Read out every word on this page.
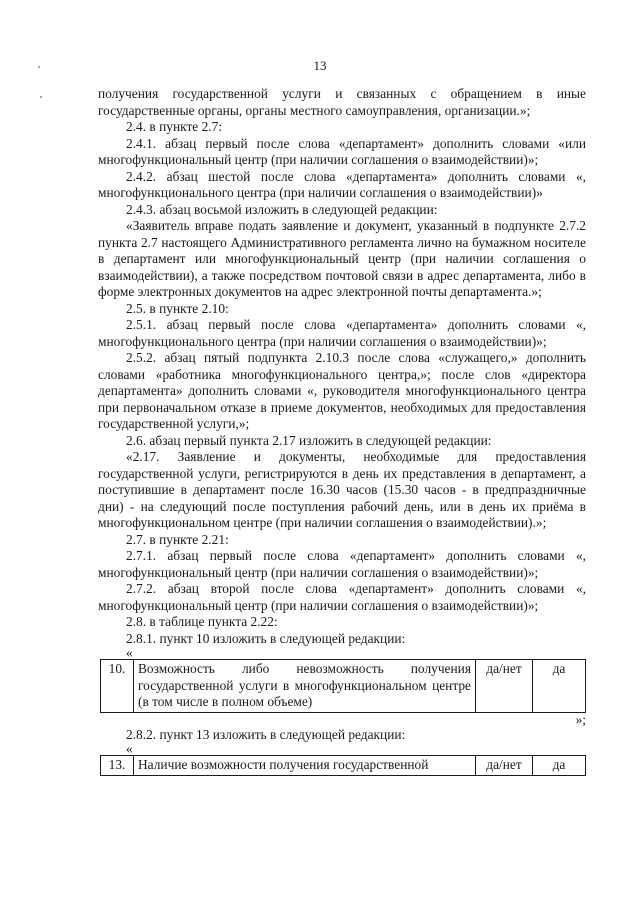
13

получения государственной услуги и связанных с обращением в иные государственные органы, органы местного самоуправления, организации.»;

2.4. в пункте 2.7:

2.4.1. абзац первый после слова «департамент» дополнить словами «или многофункциональный центр (при наличии соглашения о взаимодействии)»;

2.4.2. абзац шестой после слова «департамента» дополнить словами «, многофункционального центра (при наличии соглашения о взаимодействии)»

2.4.3. абзац восьмой изложить в следующей редакции:

«Заявитель вправе подать заявление и документ, указанный в подпункте 2.7.2 пункта 2.7 настоящего Административного регламента лично на бумажном носителе в департамент или многофункциональный центр (при наличии соглашения о взаимодействии), а также посредством почтовой связи в адрес департамента, либо в форме электронных документов на адрес электронной почты департамента.»;

2.5. в пункте 2.10:

2.5.1. абзац первый после слова «департамента» дополнить словами «, многофункционального центра (при наличии соглашения о взаимодействии)»;

2.5.2. абзац пятый подпункта 2.10.3 после слова «служащего,» дополнить словами «работника многофункционального центра,»; после слов «директора департамента» дополнить словами «, руководителя многофункционального центра при первоначальном отказе в приеме документов, необходимых для предоставления государственной услуги,»;

2.6. абзац первый пункта 2.17 изложить в следующей редакции:

«2.17. Заявление и документы, необходимые для предоставления государственной услуги, регистрируются в день их представления в департамент, а поступившие в департамент после 16.30 часов (15.30 часов - в предпраздничные дни) - на следующий после поступления рабочий день, или в день их приёма в многофункциональном центре (при наличии соглашения о взаимодействии).»;

2.7. в пункте 2.21:

2.7.1. абзац первый после слова «департамент» дополнить словами «, многофункциональный центр (при наличии соглашения о взаимодействии)»;

2.7.2. абзац второй после слова «департамент» дополнить словами «, многофункциональный центр (при наличии соглашения о взаимодействии)»;

2.8. в таблице пункта 2.22:

2.8.1. пункт 10 изложить в следующей редакции:

«

10.	Возможность либо невозможность получения государственной услуги в многофункциональном центре (в том числе в полном объеме)	да/нет	да

»;

2.8.2. пункт 13 изложить в следующей редакции:

«

13.	Наличие возможности получения государственной	да/нет	да
